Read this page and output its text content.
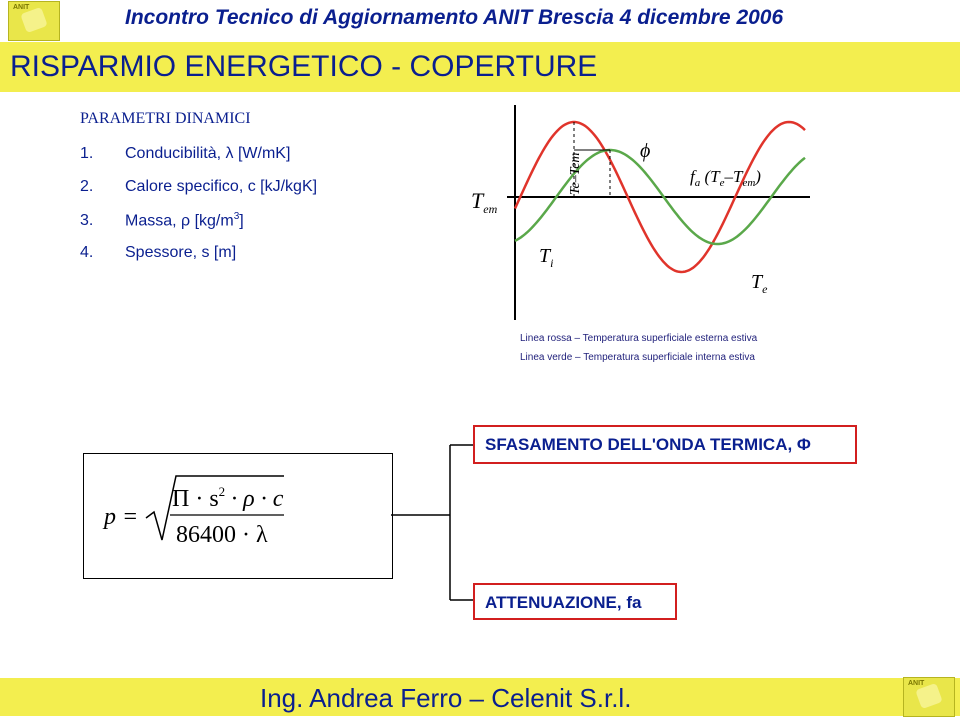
ANIT	Incontro Tecnico di Aggiornamento ANIT Brescia 4 dicembre 2006
RISPARMIO ENERGETICO - COPERTURE
PARAMETRI DINAMICI
1. Conducibilità, λ [W/mK]
2. Calore specifico, c [kJ/kgK]
3. Massa, ρ $[kg/m^3]$
4. Spessore, s [m]
$T_{em}$
$T_i$
$T_e$
ϕ
$f_a$ $(T_e-T_{em})$
Te–Tem
Linea rossa – Temperatura superficiale esterna estiva
Linea verde – Temperatura superficiale interna estiva
p =
$\Pi \cdot s^2 \cdot \rho \cdot c$
86400 · λ
SFASAMENTO DELL'ONDA TERMICA, Φ
ATTENUAZIONE, fa
Ing. Andrea Ferro – Celenit S.r.l.	ANIT
